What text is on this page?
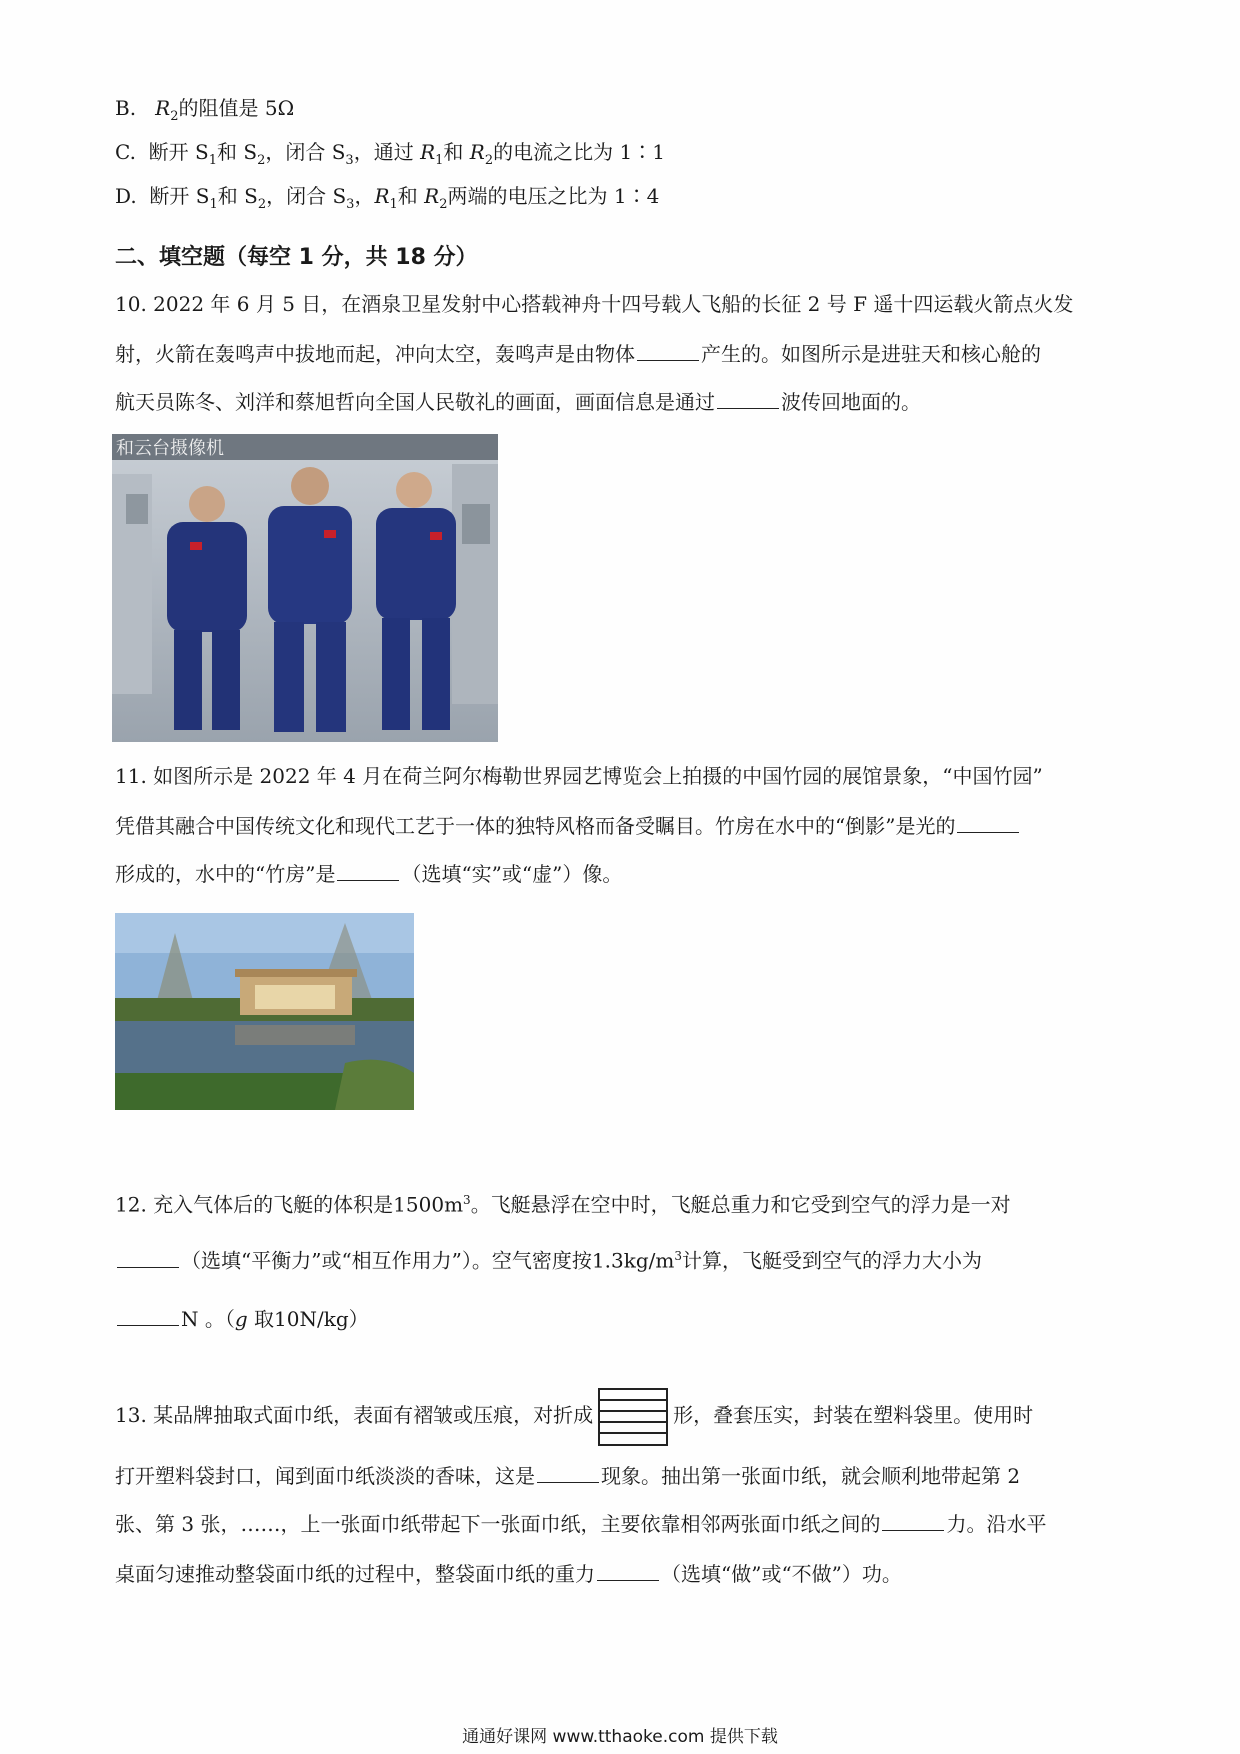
B. $R_2$的阻值是 5Ω
C. 断开 $S_1$和 $S_2$，闭合 $S_3$，通过 $R_1$和 $R_2$的电流之比为 1∶1
D. 断开 $S_1$和 $S_2$，闭合 $S_3$，$R_1$和 $R_2$两端的电压之比为 1∶4
二、填空题（每空 1 分，共 18 分）
10. 2022 年 6 月 5 日，在酒泉卫星发射中心搭载神舟十四号载人飞船的长征 2 号 F 遥十四运载火箭点火发
射，火箭在轰鸣声中拔地而起，冲向太空，轰鸣声是由物体	产生的。如图所示是进驻天和核心舱的
航天员陈冬、刘洋和蔡旭哲向全国人民敬礼的画面，画面信息是通过	波传回地面的。
和云台摄像机
11. 如图所示是 2022 年 4 月在荷兰阿尔梅勒世界园艺博览会上拍摄的中国竹园的展馆景象，“中国竹园”
凭借其融合中国传统文化和现代工艺于一体的独特风格而备受瞩目。竹房在水中的“倒影”是光的
形成的，水中的“竹房”是	（选填“实”或“虚”）像。
12. 充入气体后的飞艇的体积是$1500m^3$。飞艇悬浮在空中时，飞艇总重力和它受到空气的浮力是一对
（选填“平衡力”或“相互作用力”）。空气密度按$1.3kg/m^3$计算，飞艇受到空气的浮力大小为
N 。（g 取10N/kg）
13. 某品牌抽取式面巾纸，表面有褶皱或压痕，对折成	形，叠套压实，封装在塑料袋里。使用时
打开塑料袋封口，闻到面巾纸淡淡的香味，这是	现象。抽出第一张面巾纸，就会顺利地带起第 2
张、第 3 张，……，上一张面巾纸带起下一张面巾纸，主要依靠相邻两张面巾纸之间的	力。沿水平
桌面匀速推动整袋面巾纸的过程中，整袋面巾纸的重力	（选填“做”或“不做”）功。
通通好课网 www.tthaoke.com 提供下载
